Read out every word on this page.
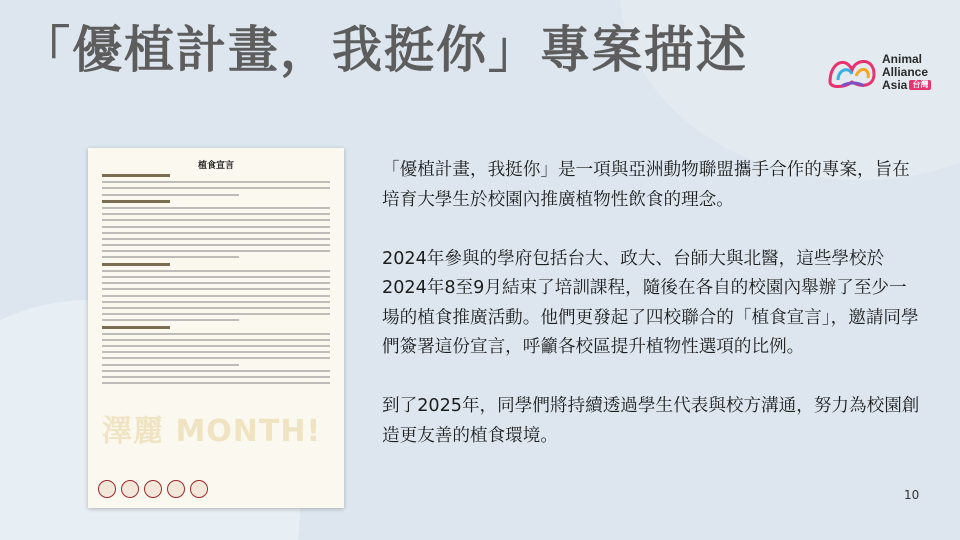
「優植計畫，我挺你」專案描述	Animal
Alliance
Asia 台灣
植食宣言
澤麗 MONTH!

「優植計畫，我挺你」是一項與亞洲動物聯盟攜手合作的專案，旨在培育大學生於校園內推廣植物性飲食的理念。

2024年參與的學府包括台大、政大、台師大與北醫，這些學校於2024年8至9月結束了培訓課程，隨後在各自的校園內舉辦了至少一場的植食推廣活動。他們更發起了四校聯合的「植食宣言」，邀請同學們簽署這份宣言，呼籲各校區提升植物性選項的比例。

到了2025年，同學們將持續透過學生代表與校方溝通，努力為校園創造更友善的植食環境。

10
